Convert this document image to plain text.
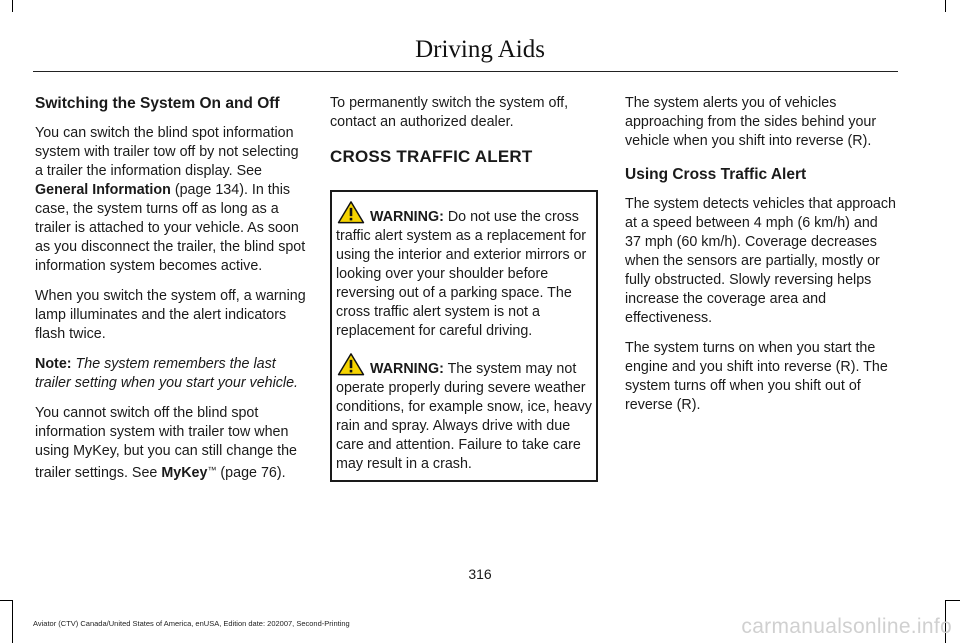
Driving Aids
Switching the System On and Off

You can switch the blind spot information system with trailer tow off by not selecting a trailer the information display. See General Information (page 134). In this case, the system turns off as long as a trailer is attached to your vehicle. As soon as you disconnect the trailer, the blind spot information system becomes active.

When you switch the system off, a warning lamp illuminates and the alert indicators flash twice.

Note: The system remembers the last trailer setting when you start your vehicle.

You cannot switch off the blind spot information system with trailer tow when using MyKey, but you can still change the trailer settings. See MyKey™ (page 76).

To permanently switch the system off, contact an authorized dealer.

CROSS TRAFFIC ALERT

WARNING: Do not use the cross traffic alert system as a replacement for using the interior and exterior mirrors or looking over your shoulder before reversing out of a parking space. The cross traffic alert system is not a replacement for careful driving.

WARNING: The system may not operate properly during severe weather conditions, for example snow, ice, heavy rain and spray. Always drive with due care and attention. Failure to take care may result in a crash.

The system alerts you of vehicles approaching from the sides behind your vehicle when you shift into reverse (R).

Using Cross Traffic Alert

The system detects vehicles that approach at a speed between 4 mph (6 km/h) and 37 mph (60 km/h). Coverage decreases when the sensors are partially, mostly or fully obstructed. Slowly reversing helps increase the coverage area and effectiveness.

The system turns on when you start the engine and you shift into reverse (R). The system turns off when you shift out of reverse (R).

316
Aviator (CTV) Canada/United States of America, enUSA, Edition date: 202007, Second-Printing	carmanualsonline.info
